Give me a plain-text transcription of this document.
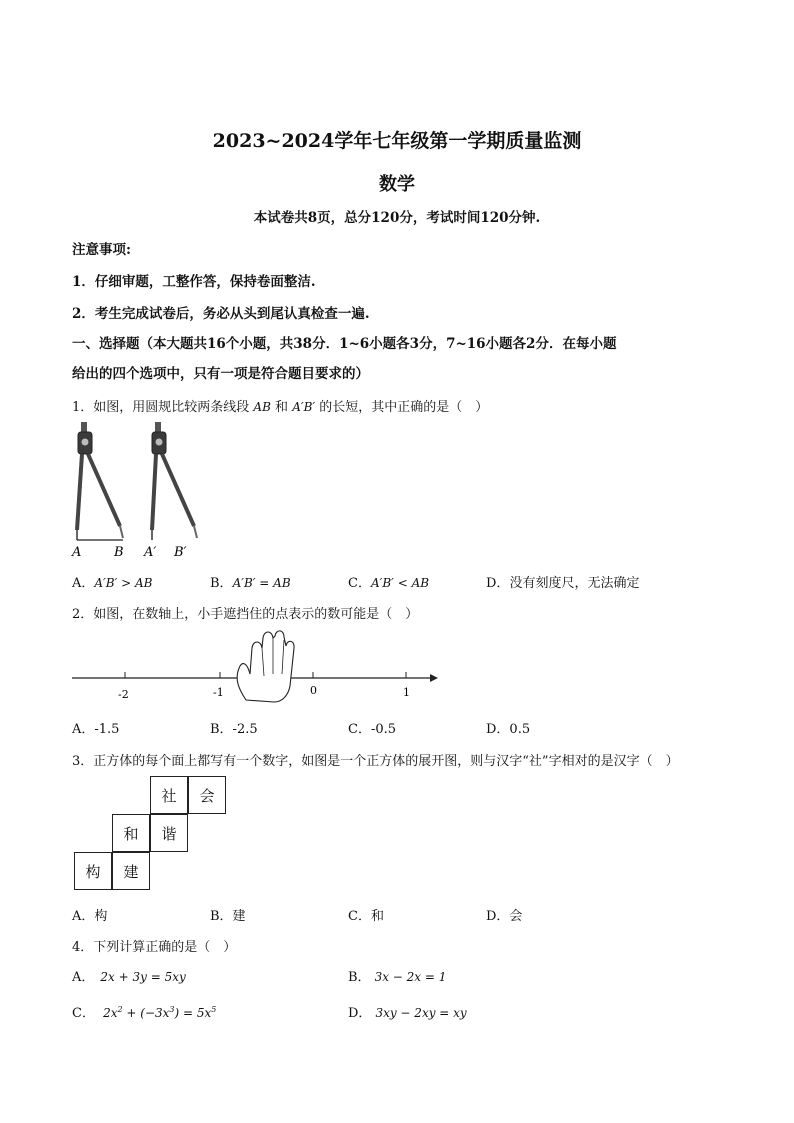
2023~2024学年七年级第一学期质量监测
数学
本试卷共8页，总分120分，考试时间120分钟.
注意事项:
1．仔细审题，工整作答，保持卷面整洁.
2．考生完成试卷后，务必从头到尾认真检查一遍.
一、选择题（本大题共16个小题，共38分．1~6小题各3分，7~16小题各2分．在每小题
给出的四个选项中，只有一项是符合题目要求的）
1．如图，用圆规比较两条线段 AB 和 A′B′ 的长短，其中正确的是（　）
A	B A′ B′
A．A′B′ > AB	B．A′B′ = AB	C．A′B′ < AB	D．没有刻度尺，无法确定
2．如图，在数轴上，小手遮挡住的点表示的数可能是（　）
-2	-1	0	1
A．-1.5	B．-2.5	C．-0.5	D．0.5
3．正方体的每个面上都写有一个数字，如图是一个正方体的展开图，则与汉字“社”字相对的是汉字（　）
社	会
和	谐
构	建
A．构	B．建	C．和	D．会
4．下列计算正确的是（　）
A． 2x + 3y = 5xy	B． 3x − 2x = 1
C． $2x^2 + (-3x^3) = 5x^5$	D． 3xy − 2xy = xy
